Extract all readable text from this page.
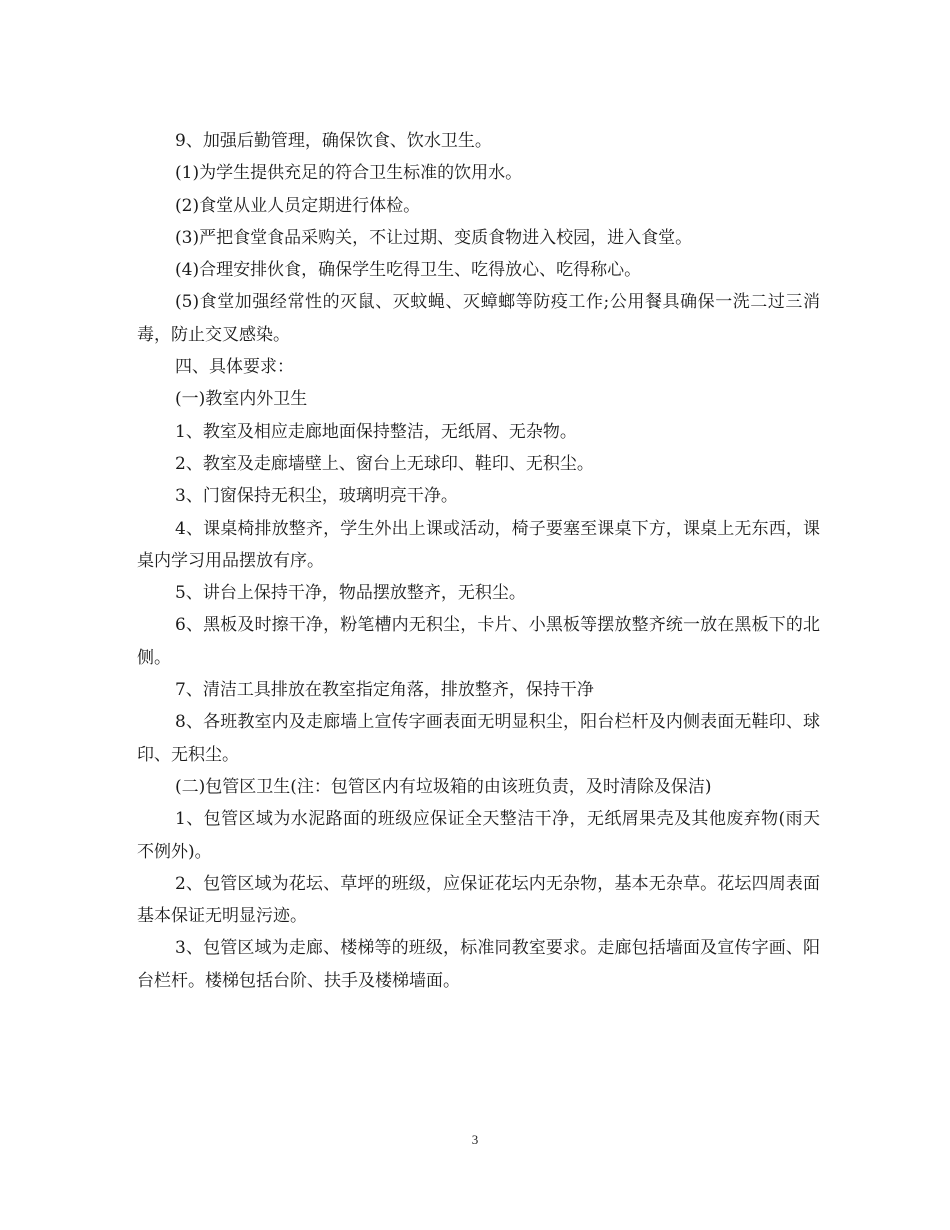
9、加强后勤管理，确保饮食、饮水卫生。

(1)为学生提供充足的符合卫生标准的饮用水。

(2)食堂从业人员定期进行体检。

(3)严把食堂食品采购关，不让过期、变质食物进入校园，进入食堂。

(4)合理安排伙食，确保学生吃得卫生、吃得放心、吃得称心。

(5)食堂加强经常性的灭鼠、灭蚊蝇、灭蟑螂等防疫工作;公用餐具确保一洗二过三消毒，防止交叉感染。

四、具体要求：

(一)教室内外卫生

1、教室及相应走廊地面保持整洁，无纸屑、无杂物。

2、教室及走廊墙壁上、窗台上无球印、鞋印、无积尘。

3、门窗保持无积尘，玻璃明亮干净。

4、课桌椅排放整齐，学生外出上课或活动，椅子要塞至课桌下方，课桌上无东西，课桌内学习用品摆放有序。

5、讲台上保持干净，物品摆放整齐，无积尘。

6、黑板及时擦干净，粉笔槽内无积尘，卡片、小黑板等摆放整齐统一放在黑板下的北侧。

7、清洁工具排放在教室指定角落，排放整齐，保持干净

8、各班教室内及走廊墙上宣传字画表面无明显积尘，阳台栏杆及内侧表面无鞋印、球印、无积尘。

(二)包管区卫生(注：包管区内有垃圾箱的由该班负责，及时清除及保洁)

1、包管区域为水泥路面的班级应保证全天整洁干净，无纸屑果壳及其他废弃物(雨天不例外)。

2、包管区域为花坛、草坪的班级，应保证花坛内无杂物，基本无杂草。花坛四周表面基本保证无明显污迹。

3、包管区域为走廊、楼梯等的班级，标准同教室要求。走廊包括墙面及宣传字画、阳台栏杆。楼梯包括台阶、扶手及楼梯墙面。

3
